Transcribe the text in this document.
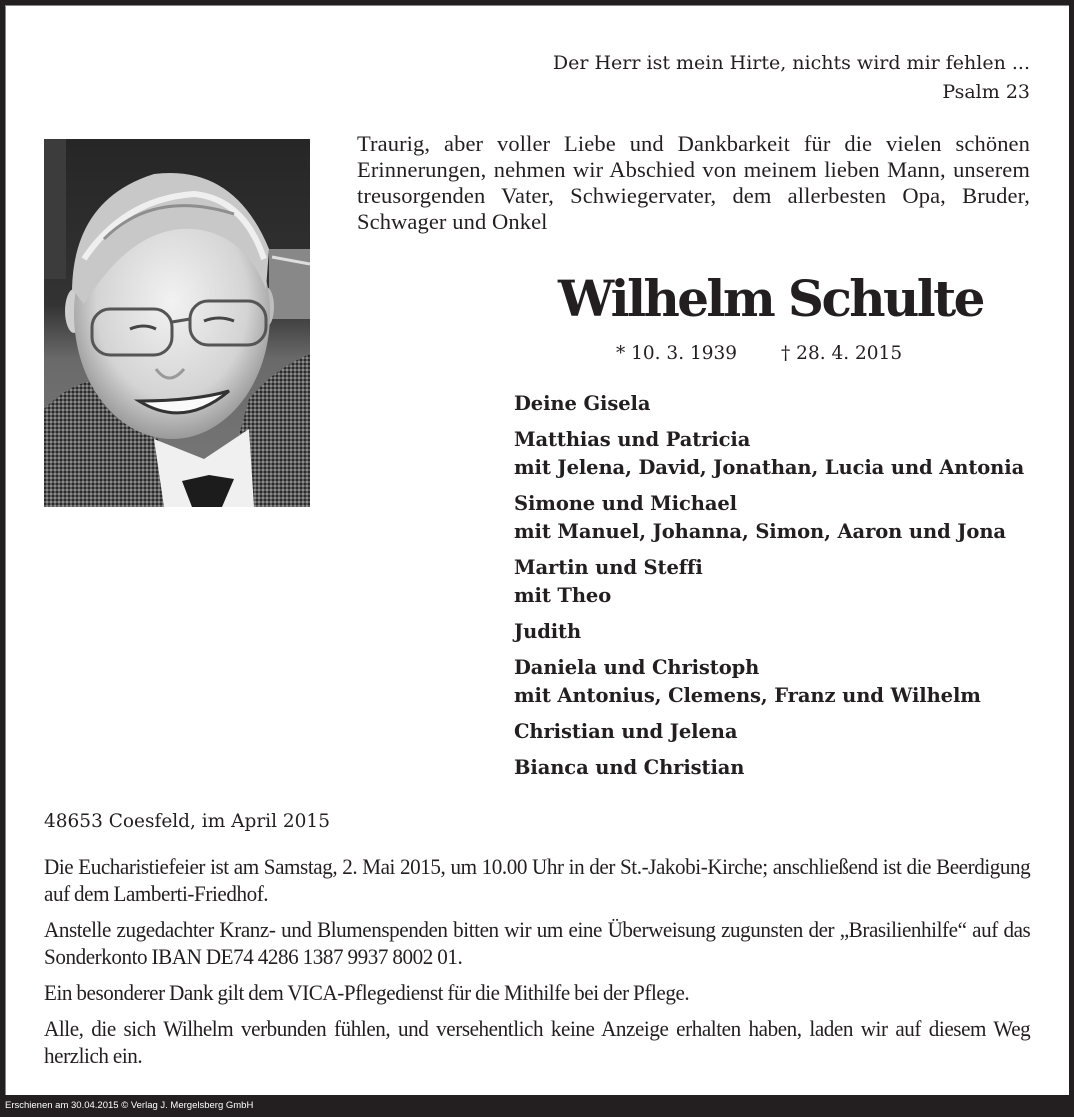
Der Herr ist mein Hirte, nichts wird mir fehlen ...
Psalm 23
Traurig, aber voller Liebe und Dankbarkeit für die vielen schönen Erinnerungen, nehmen wir Abschied von meinem lieben Mann, unserem treusorgenden Vater, Schwiegervater, dem allerbesten Opa, Bruder, Schwager und Onkel
Wilhelm Schulte
* 10. 3. 1939 † 28. 4. 2015
Deine Gisela
Matthias und Patricia
mit Jelena, David, Jonathan, Lucia und Antonia
Simone und Michael
mit Manuel, Johanna, Simon, Aaron und Jona
Martin und Steffi
mit Theo
Judith
Daniela und Christoph
mit Antonius, Clemens, Franz und Wilhelm
Christian und Jelena
Bianca und Christian
48653 Coesfeld, im April 2015

Die Eucharistiefeier ist am Samstag, 2. Mai 2015, um 10.00 Uhr in der St.-Jakobi-Kirche; anschließend ist die Beerdigung auf dem Lamberti-Friedhof.

Anstelle zugedachter Kranz- und Blumenspenden bitten wir um eine Überweisung zugunsten der „Brasilienhilfe“ auf das Sonderkonto IBAN DE74 4286 1387 9937 8002 01.

Ein besonderer Dank gilt dem VICA-Pflegedienst für die Mithilfe bei der Pflege.

Alle, die sich Wilhelm verbunden fühlen, und versehentlich keine Anzeige erhalten haben, laden wir auf diesem Weg herzlich ein.

Erschienen am 30.04.2015 © Verlag J. Mergelsberg GmbH
